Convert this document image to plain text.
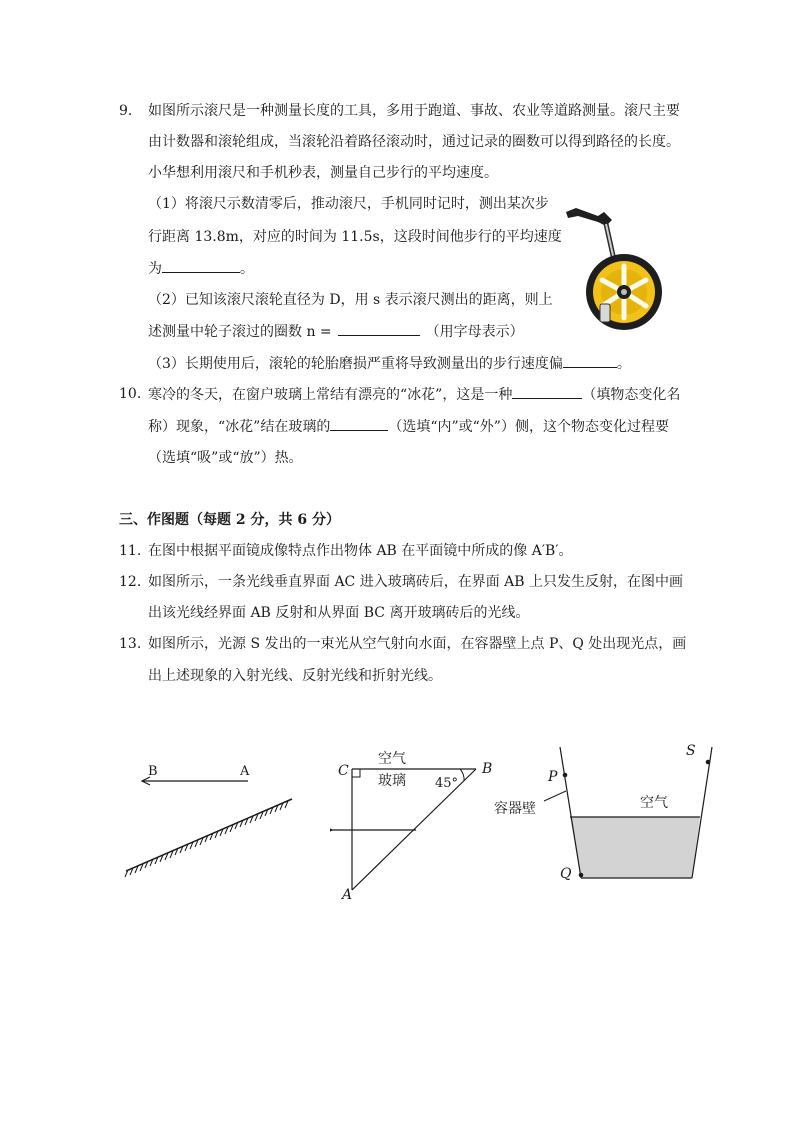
9. 如图所示滚尺是一种测量长度的工具，多用于跑道、事故、农业等道路测量。滚尺主要
由计数器和滚轮组成，当滚轮沿着路径滚动时，通过记录的圈数可以得到路径的长度。
小华想利用滚尺和手机秒表，测量自己步行的平均速度。
（1）将滚尺示数清零后，推动滚尺，手机同时记时，测出某次步
行距离 13.8m，对应的时间为 11.5s，这段时间他步行的平均速度
为	。
（2）已知该滚尺滚轮直径为 D，用 s 表示滚尺测出的距离，则上
述测量中轮子滚过的圈数 n =	（用字母表示）
（3）长期使用后，滚轮的轮胎磨损严重将导致测量出的步行速度偏	。
10. 寒冷的冬天，在窗户玻璃上常结有漂亮的“冰花”，这是一种	（填物态变化名
称）现象，“冰花”结在玻璃的	（选填“内”或“外”）侧，这个物态变化过程要
（选填“吸”或“放”）热。
三、作图题（每题 2 分，共 6 分）
11. 在图中根据平面镜成像特点作出物体 AB 在平面镜中所成的像 A′B′。
12. 如图所示，一条光线垂直界面 AC 进入玻璃砖后，在界面 AB 上只发生反射，在图中画
出该光线经界面 AB 反射和从界面 BC 离开玻璃砖后的光线。
13. 如图所示，光源 S 发出的一束光从空气射向水面，在容器壁上点 P、Q 处出现光点，画
出上述现象的入射光线、反射光线和折射光线。
B	A	C	B
A
空气
玻璃 45°	P
S
Q
容器壁	空气
